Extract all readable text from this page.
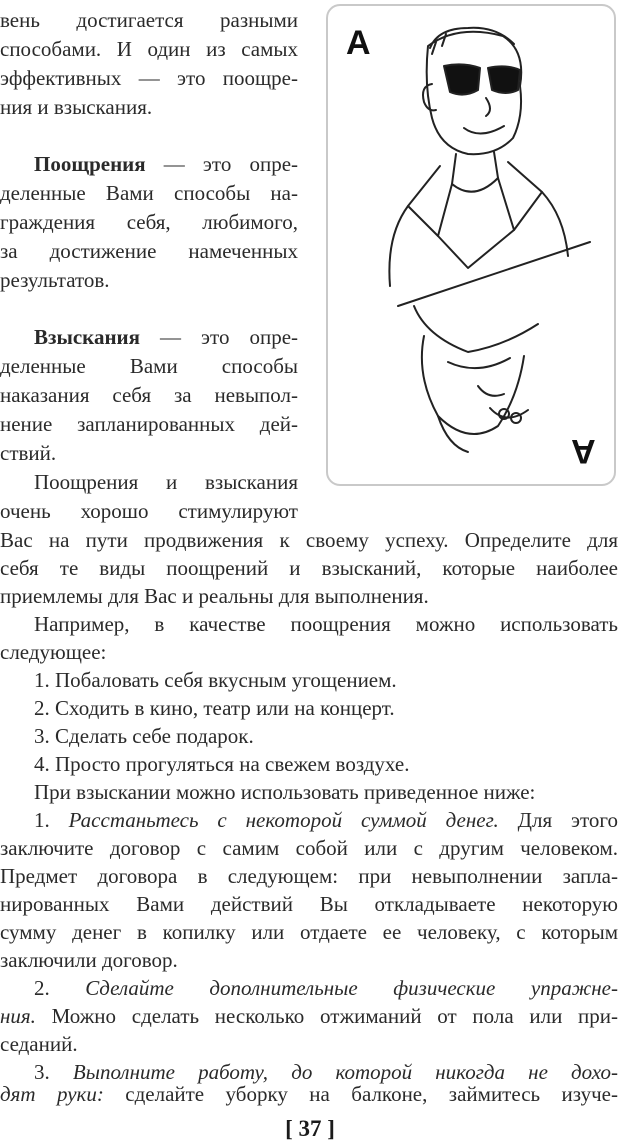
вень достигается разными
способами. И один из самых
эффективных — это поощре-
ния и взыскания.
Поощрения — это опре-
деленные Вами способы на-
граждения себя, любимого,
за достижение намеченных
результатов.
Взыскания — это опре-
деленные Вами способы
наказания себя за невыпол-
нение запланированных дей-
ствий.
Поощрения и взыскания
очень хорошо стимулируют
A
A
Вас на пути продвижения к своему успеху. Определите для
себя те виды поощрений и взысканий, которые наиболее
приемлемы для Вас и реальны для выполнения.
Например, в качестве поощрения можно использовать
следующее:
1. Побаловать себя вкусным угощением.
2. Сходить в кино, театр или на концерт.
3. Сделать себе подарок.
4. Просто прогуляться на свежем воздухе.
При взыскании можно использовать приведенное ниже:
1. Расстаньтесь с некоторой суммой денег. Для этого
заключите договор с самим собой или с другим человеком.
Предмет договора в следующем: при невыполнении запла-
нированных Вами действий Вы откладываете некоторую
сумму денег в копилку или отдаете ее человеку, с которым
заключили договор.
2. Сделайте дополнительные физические упражне-
ния. Можно сделать несколько отжиманий от пола или при-
седаний.
3. Выполните работу, до которой никогда не дохо-
дят руки: сделайте уборку на балконе, займитесь изуче-
[ 37 ]
